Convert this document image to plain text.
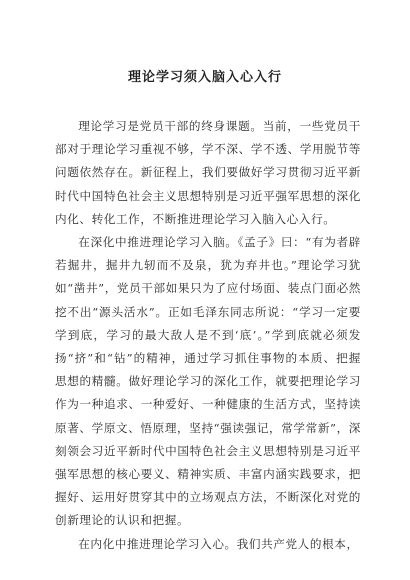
理论学习须入脑入心入行

理论学习是党员干部的终身课题。当前，一些党员干部对于理论学习重视不够，学不深、学不透、学用脱节等问题依然存在。新征程上，我们要做好学习贯彻习近平新时代中国特色社会主义思想特别是习近平强军思想的深化内化、转化工作，不断推进理论学习入脑入心入行。

在深化中推进理论学习入脑。《孟子》曰：“有为者辟若掘井，掘井九轫而不及泉，犹为弃井也。”理论学习犹如“凿井”，党员干部如果只为了应付场面、装点门面必然挖不出“源头活水”。正如毛泽东同志所说：“学习一定要学到底，学习的最大敌人是不到‘底’。”学到底就必须发扬“挤”和“钻”的精神，通过学习抓住事物的本质、把握思想的精髓。做好理论学习的深化工作，就要把理论学习作为一种追求、一种爱好、一种健康的生活方式，坚持读原著、学原文、悟原理，坚持“强读强记，常学常新”，深刻领会习近平新时代中国特色社会主义思想特别是习近平强军思想的核心要义、精神实质、丰富内涵实践要求，把握好、运用好贯穿其中的立场观点方法，不断深化对党的创新理论的认识和把握。

在内化中推进理论学习入心。我们共产党人的根本，
